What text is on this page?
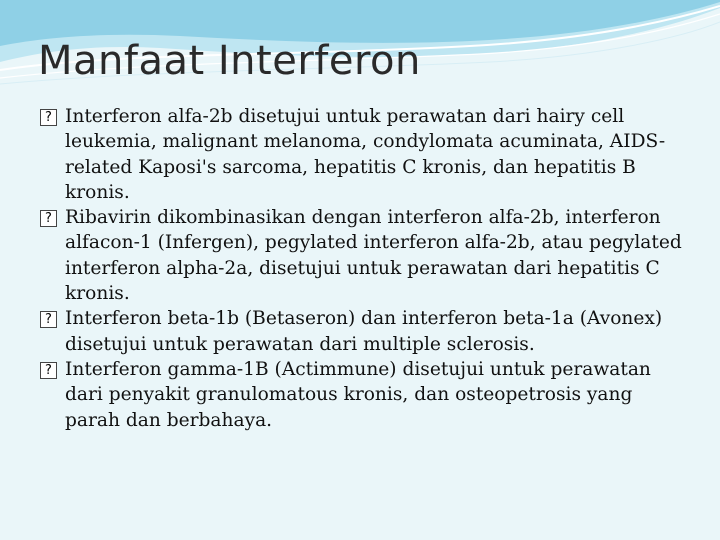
Manfaat Interferon
? Interferon alfa-2b disetujui untuk perawatan dari hairy cell leukemia, malignant melanoma, condylomata acuminata, AIDS-related Kaposi's sarcoma, hepatitis C kronis, dan hepatitis B kronis.
? Ribavirin dikombinasikan dengan interferon alfa-2b, interferon alfacon-1 (Infergen), pegylated interferon alfa-2b, atau pegylated interferon alpha-2a, disetujui untuk perawatan dari hepatitis C kronis.
? Interferon beta-1b (Betaseron) dan interferon beta-1a (Avonex) disetujui untuk perawatan dari multiple sclerosis.
? Interferon gamma-1B (Actimmune) disetujui untuk perawatan dari penyakit granulomatous kronis, dan osteopetrosis yang parah dan berbahaya.
